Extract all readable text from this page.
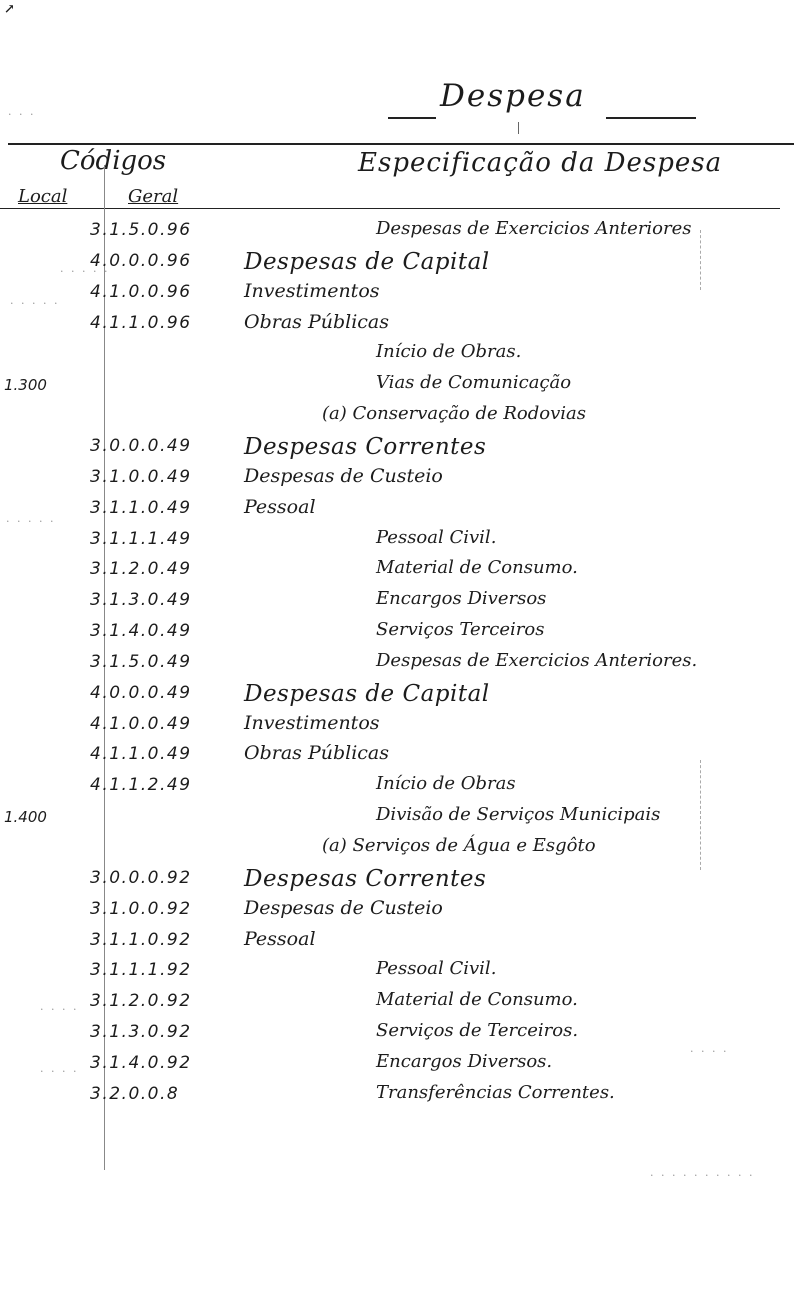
↗
Despesa
Códigos	Especificação da Despesa
Local	Geral
· · ·
. . . . .
. . . . .
. . . . .
. . . .
. . . .
. . . .
. . . . . . . . . .
3.1.5.0.96	Despesas de Exercicios Anteriores
4.0.0.0.96 Despesas de Capital
4.1.0.0.96	Investimentos
4.1.1.0.96	Obras Públicas
Início de Obras.
1.300	Vias de Comunicação
(a) Conservação de Rodovias
3.0.0.0.49 Despesas Correntes
3.1.0.0.49	Despesas de Custeio
3.1.1.0.49	Pessoal
3.1.1.1.49	Pessoal Civil.
3.1.2.0.49	Material de Consumo.
3.1.3.0.49	Encargos Diversos
3.1.4.0.49	Serviços Terceiros
3.1.5.0.49	Despesas de Exercicios Anteriores.
4.0.0.0.49 Despesas de Capital
4.1.0.0.49	Investimentos
4.1.1.0.49	Obras Públicas
4.1.1.2.49	Início de Obras
1.400	Divisão de Serviços Municipais
(a) Serviços de Água e Esgôto
3.0.0.0.92 Despesas Correntes
3.1.0.0.92	Despesas de Custeio
3.1.1.0.92	Pessoal
3.1.1.1.92	Pessoal Civil.
3.1.2.0.92	Material de Consumo.
3.1.3.0.92	Serviços de Terceiros.
3.1.4.0.92	Encargos Diversos.
3.2.0.0.8	Transferências Correntes.
